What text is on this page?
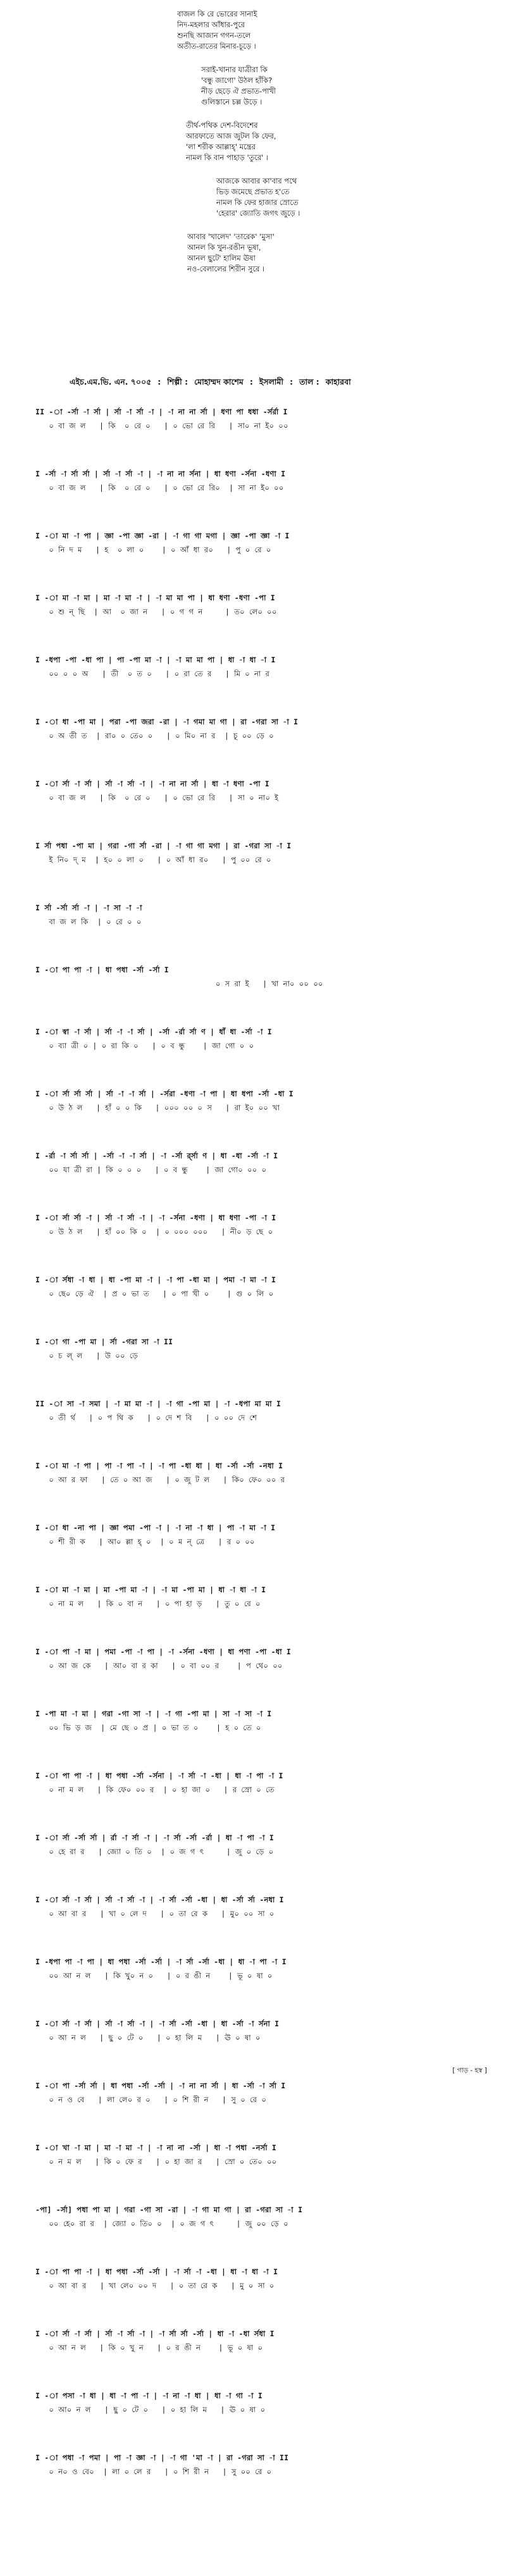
বাজল কি রে ভোরের সানাই
নিদ-মহলার আঁধার-পুরে
শুনছি আজান গগন-তলে
অতীত-রাতের মিনার-চূড়ে ।
সরাই-খানার যাত্রীরা কি
'বন্ধু জাগো' উঠল হাঁকি?
নীড় ছেড়ে ঐ প্রভাত-পাখী
গুলিস্তানে চল্ল উড়ে ।
তীর্থ-পথিক দেশ-বিদেশের
আরফাতে আজ জুটল কি ফের,
'লা শরীক আল্লাহ্' মন্ত্রের
নামল কি বান পাহাড় 'তুরে' ।
আজকে আবার কা'বার পথে
ভিড় জমেছে প্রভাত হ'তে
নামল কি ফের হাজার স্রোতে
'হেরার' জ্যোতি জগৎ জুড়ে ।
আবার 'খালেদ' 'তারেক' 'মুসা'
আনল কি খুন-রঙীন ভূষা,
আনল ছুটে' হালিম ঊষা
নও-বেলালের শিরীন সুরে ।
এইচ.এম.ভি. এন. ৭০০৫ : শিল্পী : মোহাম্মদ কাশেম : ইসলামী : তাল : কাহারবা
II -া -র্সা -া র্সা | র্সা -া র্সা -া | -া না না র্সা | ধণা পা ধধা -র্সর্রা I
০ বা জ ল   | কি  ০ রে ০   | ০ ভো রে রি   | সা০ না ই০ ০০
I -র্সা -া র্সা র্সা | র্সা -া র্সা -া | -া না না র্সনা | ধা ধণা -র্সনা -ধণা I
০ বা জ ল   | কি  ০ রে ০   | ০ ভো রে রি০  | সা না ই০ ০০
I -া মা -া পা | জ্ঞা -পা জ্ঞা -রা | -া গা গা মগা | জ্ঞা -পা জ্ঞা -া I
০ নি দ ম   | হ  ০ লা ০    | ০ আঁ ধা র০   | পু ০ রে ০
I -া মা -া মা | মা -া মা -া | -া মা মা পা | ধা ধণা -ধণা -পা I
০ শু ন্ ছি  | আ  ০ জা ন   | ০ গ গ ন     | ত০ লে০ ০০
I -ধপা -পা -ধা পা | পা -পা মা -া | -া মা মা পা | ধা -া ধা -া I
০০ ০ ০ অ   | তী  ০ ত ০   | ০ রা তে র   | মি ০ না র
I -া ধা -পা মা | পরা -পা জরা -রা | -া গমা মা গা | রা -গরা সা -া I
০ অ তী ত  | রা০ ০ তে০ ০   | ০ মি০ না র  | চূ ০০ ড়ে ০
I -া র্সা -া র্সা | র্সা -া র্সা -া | -া না না র্সা | ধা -া ধণা -পা I
০ বা জ ল   | কি  ০ রে ০   | ০ ভো রে রি   | সা ০ না০ ই
I র্সা পধা -পা মা | গরা -গা র্সা -রা | -া গা গা মগা | রা -গরা সা -া I
ই নি০ দ্ ম  | হ০ ০ লা ০   | ০ আঁ ধা র০   | পু ০০ রে ০
I র্সা -র্সা র্সা -া | -া সা -া -া
বা জ ল কি  | ০ রে ০ ০
I -া পা পা -া | ধা পধা -র্সা -র্সা I
০ স রা ই   | খা না০ ০০ ০০
I -া স্বা -া র্সা | র্সা -া -া র্সা | -র্সা -র্রা র্সা ণ | ধাঁ ধা -র্সা -া I
০ ব্যা ত্রী ০ | ০ রা কি ০   | ০ ব ন্ধু    | জা গো ০ ০
I -া র্সা র্সা র্সা | র্সা -া -া র্সা | -র্সরা -ধণা -া পা | ধা ধপা -র্সা -ধা I
০ উ ঠ ল   | হাঁ ০ ০ কি   | ০০০ ০০ ০ স   | রা ই০ ০০ খা
I -র্রা -া র্সা র্সা | -র্সা -া -া র্সা | -া -র্সা র্র্সা ণ | ধা -ধা -র্সা -া I
০০ যা ত্রী রা | কি ০ ০ ০   | ০ ব ন্ধু    | জা গো০ ০০ ০
I -া র্সা র্সা -া | র্সা -া র্সা -া | -া -র্সনা -ধণা | ধা ধণা -পা -া I
০ উ ঠ ল   | হাঁ ০০ কি ০  | ০ ০০০ ০০০   | নী০ ড় ছে ০
I -া র্সধা -া ধা | ধা -পা মা -া | -া পা -ধা মা | পমা -া মা -া I
০ ছে০ ড়ে ঐ  | প্র ০ ভা ত   | ০ পা খী ০    | গু ০ লি ০
I -া গা -পা মা | র্সা -গরা সা -া II
০ চ ল্ ল   | উ ০০ ড়ে
II -া সা -া সমা | -া মা মা -া | -া গা -পা মা | -া -ধপা মা মা I
০ তী র্থ   | ০ প থি ক   | ০ দে শ বি   | ০ ০০ দে শে
I -া মা -া পা | পা -া পা -া | -া পা -ধা ধা | ধা -র্সা -র্সা -নধা I
০ আ র ফা   | তে ০ আ জ   | ০ জু ট ল   | কি০ ফে০ ০০ র
I -া ধা -না পা | জ্ঞা পমা -পা -া | -া না -া ধা | পা -া মা -া I
০ শী রী ক   | আ০ ল্লা হ্ ০  | ০ ম ন্ ত্রে   | র ০ ০০
I -া মা -া মা | মা -পা মা -া | -া মা -পা মা | ধা -া ধা -া I
০ না ম ল   | কি ০ বা ন   | ০ পা হা ড়   | তু ০ রে ০
I -া পা -া মা | পমা -পা -া পা | -া -র্সনা -ধণা | ধা পণা -পা -ধা I
০ আ জ কে   | আ০ বা র কা   | ০ বা ০০ র    | প থে০ ০০
I -পা মা -া মা | গরা -গা সা -া | -া গা -পা মা | সা -া সা -া I
০০ ভি ড় জ  | মে ছে ০ প্র | ০ ভা ত ০    | হ ০ তে ০
I -া পা পা -া | ধা পধা -র্সা -র্সনা | -া র্সা -া -ধা | ধা -া পা -া I
০ না ম ল   | কি ফে০ ০০ র  | ০ হা জা ০   | র স্রো ০ তে
I -া র্সা -র্সা র্সা | র্রা -া র্সা -া | -া র্সা -র্সা -র্রা | ধা -া পা -া I
০ হে রা র   | জ্যো ০ তি ০  | ০ জ গ ৎ     | জু ০ ড়ে ০
I -া র্সা -া র্সা | র্সা -া র্সা -া | -া র্সা -র্সা -ধা | ধা -র্সা র্সা -নধা I
০ আ বা র   | খা ০ লে দ   | ০ তা রে ক   | মু০ ০০ সা ০
I -ধপা পা -া পা | ধা পধা -র্সা -র্সা | -া র্সা -র্সা -ধা | ধা -া পা -া I
০০ আ ন ল   | কি খু০ ন ০   | ০ র ঙী ন    | ভূ ০ ষা ০
I -া র্সা -া র্সা | র্সা -া র্সা -া | -া র্সা -র্সা -ধা | ধা -র্সা -া র্সনা I
০ আ ন ল   | ছু ০ টে ০   | ০ হা লি ম   | ঊ ০ ষা ০
[ গাড় - হস্ব ]
I -া পা -র্সা র্সা | ধা পধা -র্সা -র্সা | -া না না র্সা | ধা -র্সা -া র্সা I
০ ন ও বে   | লা লে০ র ০   | ০ শি রী ন   | সু ০ রে ০
I -া খা -া মা | মা -া মা -া | -া না না -র্সা | ধা -া পধা -নর্সা I
০ ন ম ল   | কি ০ ফে র   | ০ হা জা র   | স্রো ০ তে০ ০০
-পা] -র্সা] পধা পা মা | গরা -গা সা -রা | -া গা মা গা | রা -গরা সা -া I
০০ হে০ রা র  | জ্যো ০ তি০ ০  | ০ জ গ ৎ     | জু ০০ ড়ে ০
I -া পা পা -া | ধা পধা -র্সা -র্সা | -া র্সা -া -ধা | ধা -া ধা -া I
০ আ বা র   | খা লে০ ০০ দ   | ০ তা রে ক   | মু ০ সা ০
I -া র্সা -া র্সা | র্সা -া র্সা -া | -া র্সা র্সা -র্সা | ধা -া -ধা র্সধা I
০ আ ন ল   | কি ০ খু ন   | ০ র ঙী ন    | ভূ ০ ষা ০
I -া পসা -া ধা | ধা -া পা -া | -া না -া ধা | ধা -া গা -া I
০ আ০ ন ল   | ছু ০ টে ০   | ০ হা লি ম   | ঊ ০ ষা ০
I -া পধা -া পমা | পা -া জ্ঞা -া | -া গা 'মা -া | রা -গরা সা -া II
০ ন০ ও বে০  | লা ০ লে র   | ০ শি রী ন   | সু ০০ রে ০
